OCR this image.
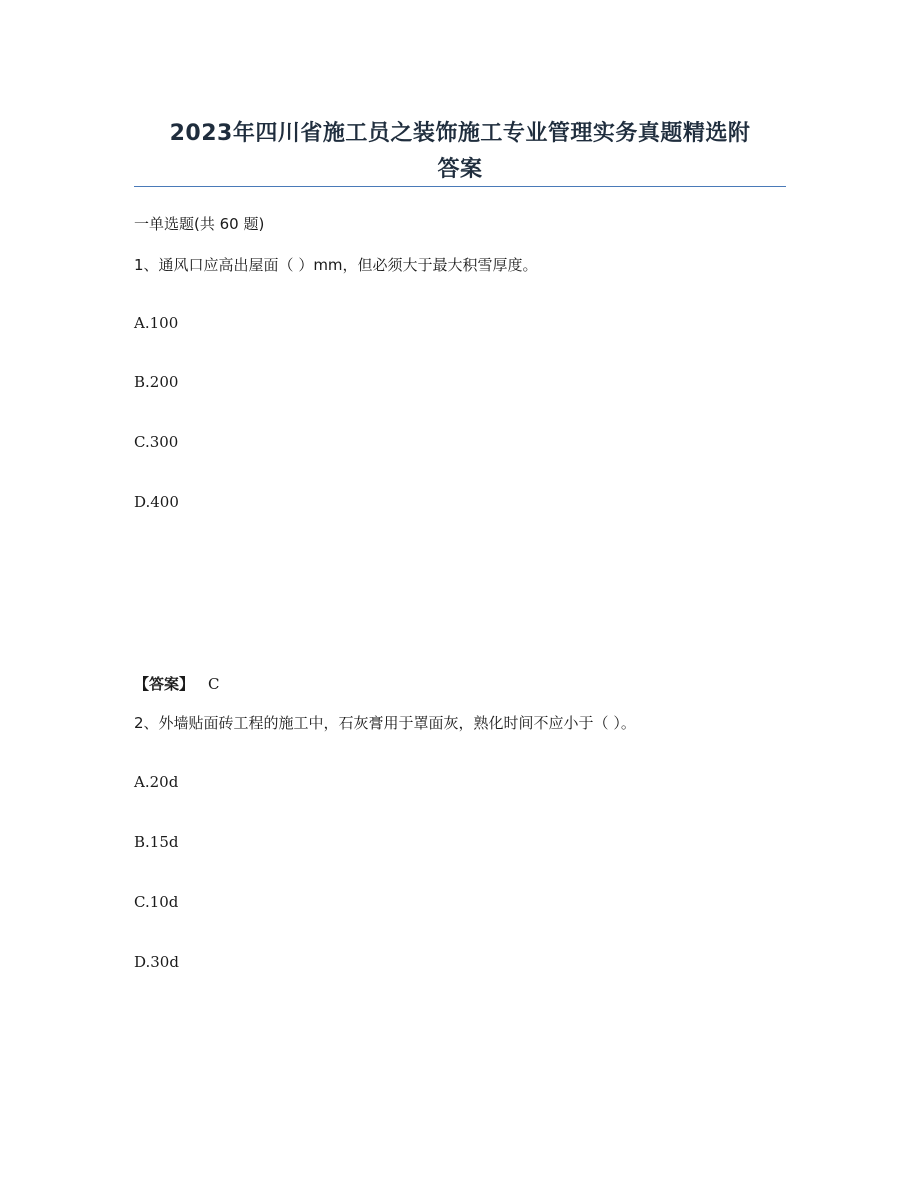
2023年四川省施工员之装饰施工专业管理实务真题精选附
答案
一单选题(共 60 题)
1、通风口应高出屋面（ ）mm，但必须大于最大积雪厚度。
A.100
B.200
C.300
D.400
【答案】 C
2、外墙贴面砖工程的施工中，石灰膏用于罩面灰，熟化时间不应小于（ ）。
A.20d
B.15d
C.10d
D.30d
